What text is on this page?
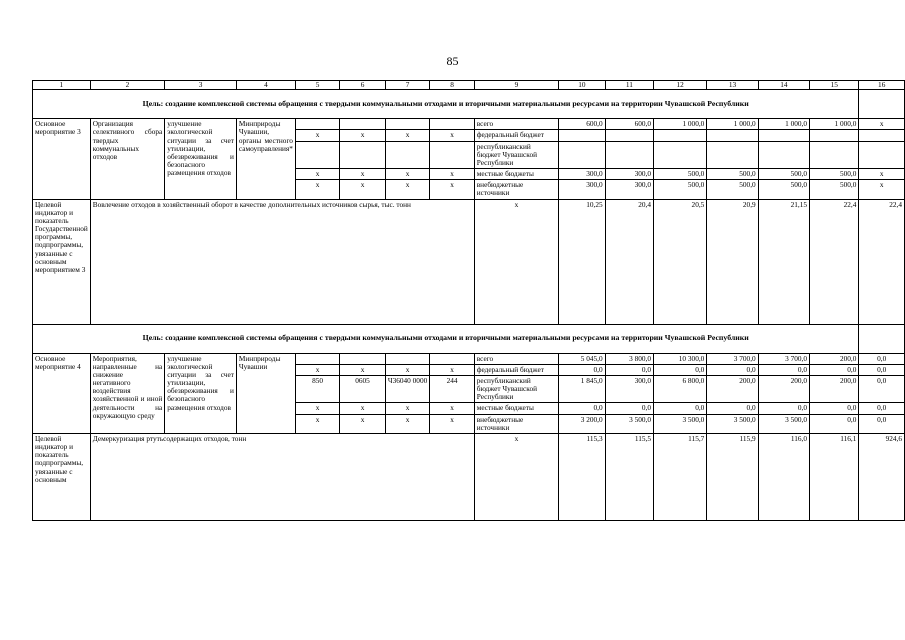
85
1	2	3	4	5	6	7	8	9	10	11	12	13	14	15	16
Цель: создание комплексной системы обращения с твердыми коммунальными отходами и вторичными материальными ресурсами на территории Чувашской Республики															
Основное мероприятие 3	Организация селективного сбора твердых коммунальных отходов	улучшение экологической ситуации за счет утилизации, обезвреживания и безопасного размещения отходов	Минприроды Чувашии, органы местного самоуправления*					всего	600,0	600,0	1 000,0	1 000,0	1 000,0	1 000,0	x
				x	x	x	x	федеральный бюджет							
								республиканский бюджет Чувашской Республики							
				x	x	x	x	местные бюджеты	300,0	300,0	500,0	500,0	500,0	500,0	x
				x	x	x	x	внебюджетные источники	300,0	300,0	500,0	500,0	500,0	500,0	x
Целевой индикатор и показатель Государственной программы, подпрограммы, увязанные с основным мероприятием 3	Вовлечение отходов в хозяйственный оборот в качестве дополнительных источников сырья, тыс. тонн							x	10,25	20,4	20,5	20,9	21,15	22,4	22,4
Цель: создание комплексной системы обращения с твердыми коммунальными отходами и вторичными материальными ресурсами на территории Чувашской Республики															
Основное мероприятие 4	Мероприятия, направленные на снижение негативного воздействия хозяйственной и иной деятельности на окружающую среду	улучшение экологической ситуации за счет утилизации, обезвреживания и безопасного размещения отходов	Минприроды Чувашии					всего	5 045,0	3 800,0	10 300,0	3 700,0	3 700,0	200,0	0,0
				x	x	x	x	федеральный бюджет	0,0	0,0	0,0	0,0	0,0	0,0	0,0
				850	0605	Ч36040 0000	244	республиканский бюджет Чувашской Республики	1 845,0	300,0	6 800,0	200,0	200,0	200,0	0,0
				x	x	x	x	местные бюджеты	0,0	0,0	0,0	0,0	0,0	0,0	0,0
				x	x	x	x	внебюджетные источники	3 200,0	3 500,0	3 500,0	3 500,0	3 500,0	0,0	0,0
Целевой индикатор и показатель подпрограммы, увязанные с основным	Демеркуризация ртутьсодержащих отходов, тонн							x	115,3	115,5	115,7	115,9	116,0	116,1	924,6
